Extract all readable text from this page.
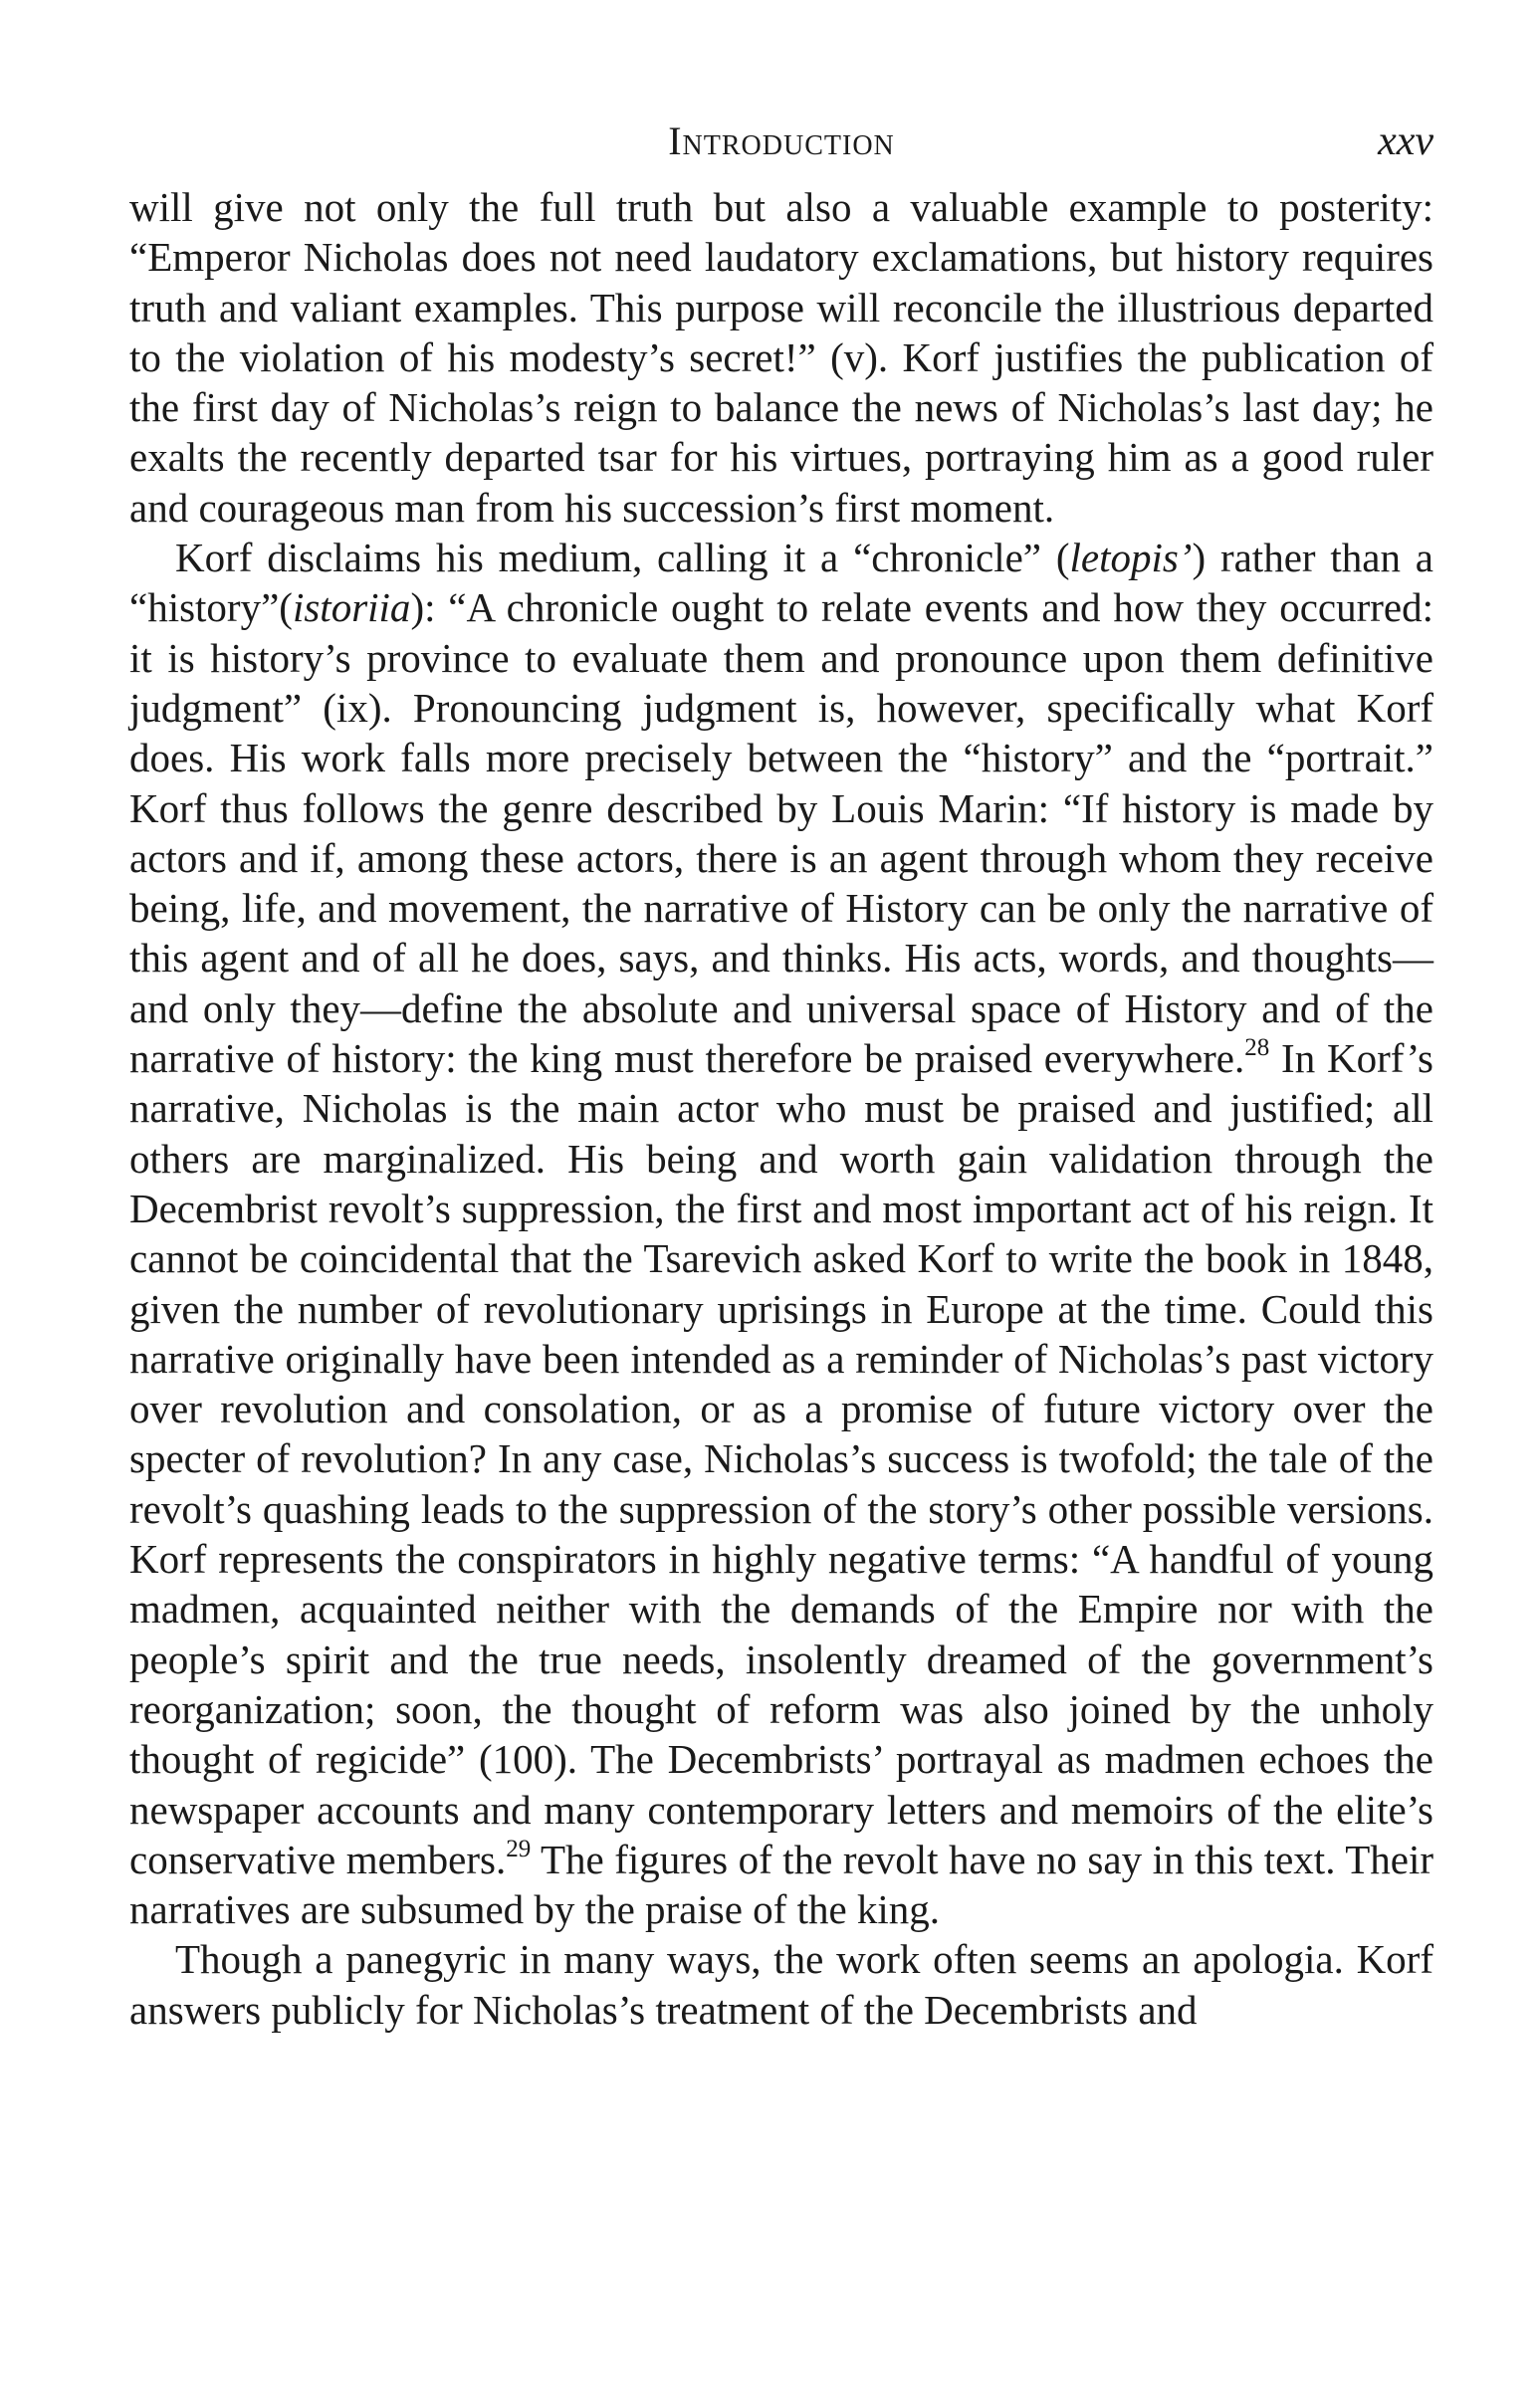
Introduction	xxv

will give not only the full truth but also a valuable example to posterity: “Emperor Nicholas does not need laudatory exclamations, but history requires truth and valiant examples. This purpose will reconcile the illustrious departed to the violation of his modesty’s secret!” (v). Korf justifies the publication of the first day of Nicholas’s reign to balance the news of Nicholas’s last day; he exalts the recently departed tsar for his virtues, portraying him as a good ruler and courageous man from his succession’s first moment.

Korf disclaims his medium, calling it a “chronicle” (letopis’) rather than a “history”(istoriia): “A chronicle ought to relate events and how they occurred: it is history’s province to evaluate them and pronounce upon them definitive judgment” (ix). Pronouncing judgment is, however, specifically what Korf does. His work falls more precisely between the “history” and the “portrait.” Korf thus follows the genre described by Louis Marin: “If history is made by actors and if, among these actors, there is an agent through whom they receive being, life, and movement, the narrative of History can be only the narrative of this agent and of all he does, says, and thinks. His acts, words, and thoughts—and only they—define the absolute and universal space of History and of the narrative of history: the king must therefore be praised everywhere.$^{28}$ In Korf’s narrative, Nicholas is the main actor who must be praised and justified; all others are marginalized. His being and worth gain validation through the Decembrist revolt’s suppression, the first and most important act of his reign. It cannot be coincidental that the Tsarevich asked Korf to write the book in 1848, given the number of revolutionary uprisings in Europe at the time. Could this narrative originally have been intended as a reminder of Nicholas’s past victory over revolution and consolation, or as a promise of future victory over the specter of revolution? In any case, Nicholas’s success is twofold; the tale of the revolt’s quashing leads to the suppression of the story’s other possible versions. Korf represents the conspirators in highly negative terms: “A handful of young madmen, acquainted neither with the demands of the Empire nor with the people’s spirit and the true needs, insolently dreamed of the government’s reorganization; soon, the thought of reform was also joined by the unholy thought of regicide” (100). The Decembrists’ portrayal as madmen echoes the newspaper accounts and many contemporary letters and memoirs of the elite’s conservative members.$^{29}$ The figures of the revolt have no say in this text. Their narratives are subsumed by the praise of the king.

Though a panegyric in many ways, the work often seems an apologia. Korf answers publicly for Nicholas’s treatment of the Decembrists and
